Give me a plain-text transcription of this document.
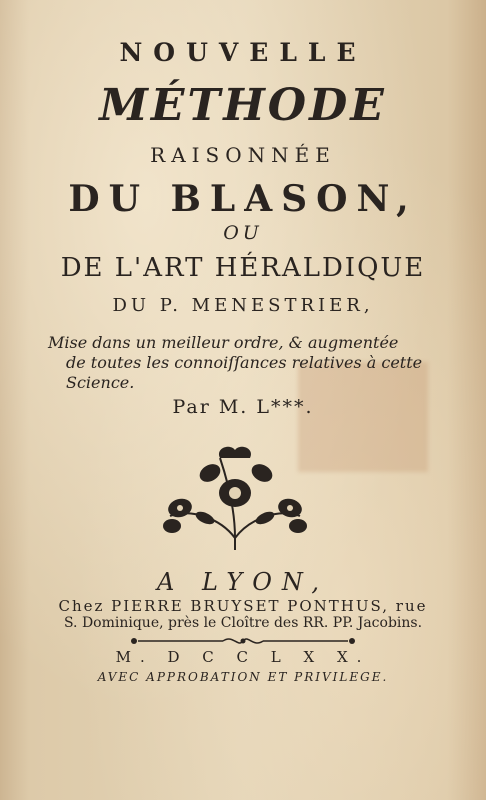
NOUVELLE
MÉTHODE
RAISONNÉE
DU BLASON,
OU
DE L'ART HÉRALDIQUE
DU P. MENESTRIER,
Mise dans un meilleur ordre, & augmentée
de toutes les connoiſſances relatives à cette
Science.
Par M. L***.
A LYON,
Chez PIERRE BRUYSET PONTHUS, rue
S. Dominique, près le Cloître des RR. PP. Jacobins.
M. D C C L X X.
AVEC APPROBATION ET PRIVILEGE.
